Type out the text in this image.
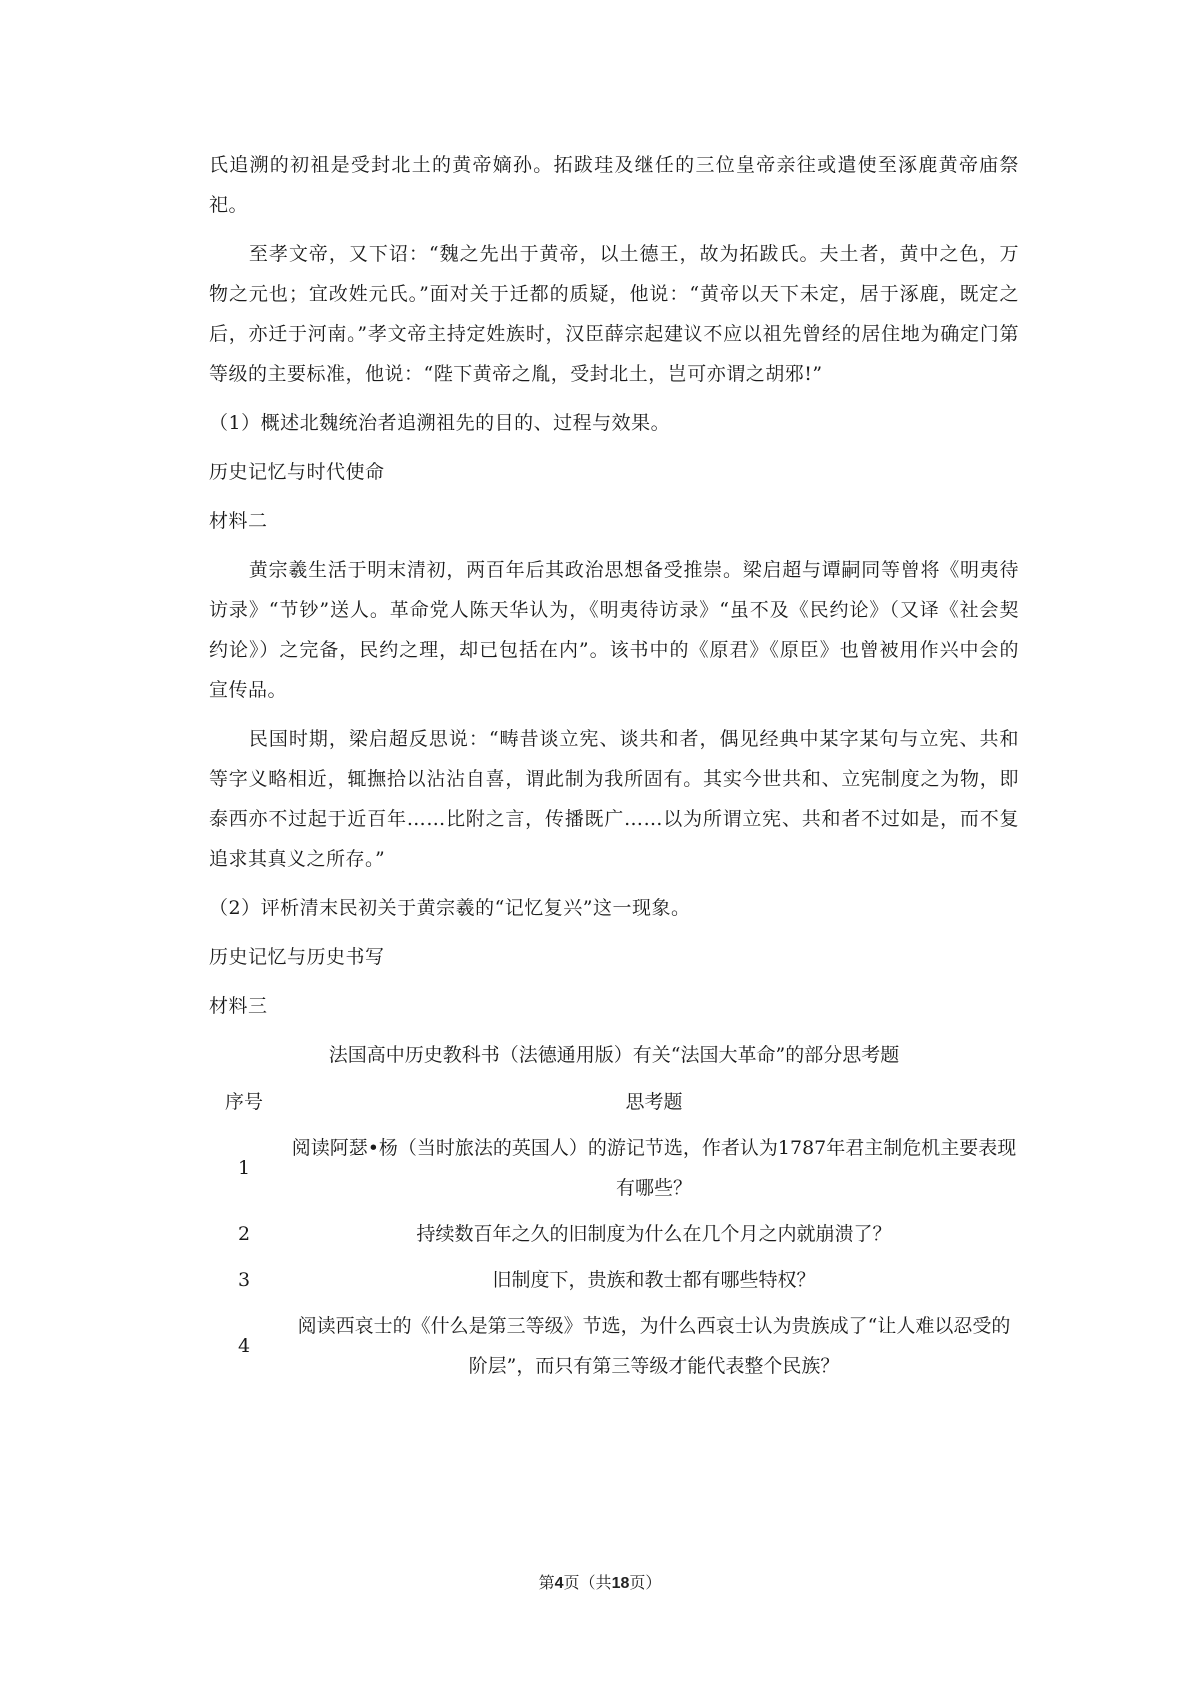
氏追溯的初祖是受封北土的黄帝嫡孙。拓跋珪及继任的三位皇帝亲往或遣使至涿鹿黄帝庙祭祀。

至孝文帝，又下诏：“魏之先出于黄帝，以土德王，故为拓跋氏。夫土者，黄中之色，万物之元也；宜改姓元氏。”面对关于迁都的质疑，他说：“黄帝以天下未定，居于涿鹿，既定之后，亦迁于河南。”孝文帝主持定姓族时，汉臣薛宗起建议不应以祖先曾经的居住地为确定门第等级的主要标准，他说：“陛下黄帝之胤，受封北土，岂可亦谓之胡邪!”

（1）概述北魏统治者追溯祖先的目的、过程与效果。

历史记忆与时代使命

材料二

黄宗羲生活于明末清初，两百年后其政治思想备受推崇。梁启超与谭嗣同等曾将《明夷待访录》“节钞”送人。革命党人陈天华认为，《明夷待访录》“虽不及《民约论》（又译《社会契约论》）之完备，民约之理，却已包括在内”。该书中的《原君》《原臣》也曾被用作兴中会的宣传品。

民国时期，梁启超反思说：“畴昔谈立宪、谈共和者，偶见经典中某字某句与立宪、共和等字义略相近，辄撫拾以沾沾自喜，谓此制为我所固有。其实今世共和、立宪制度之为物，即泰西亦不过起于近百年……比附之言，传播既广……以为所谓立宪、共和者不过如是，而不复追求其真义之所存。”

（2）评析清末民初关于黄宗羲的“记忆复兴”这一现象。

历史记忆与历史书写

材料三

法国高中历史教科书（法德通用版）有关“法国大革命”的部分思考题
序号	思考题
1	阅读阿瑟•杨（当时旅法的英国人）的游记节选，作者认为1787年君主制危机主要表现有哪些？
2	持续数百年之久的旧制度为什么在几个月之内就崩溃了？
3	旧制度下，贵族和教士都有哪些特权？
4	阅读西哀士的《什么是第三等级》节选，为什么西哀士认为贵族成了“让人难以忍受的阶层”，而只有第三等级才能代表整个民族？
第4页（共18页）
